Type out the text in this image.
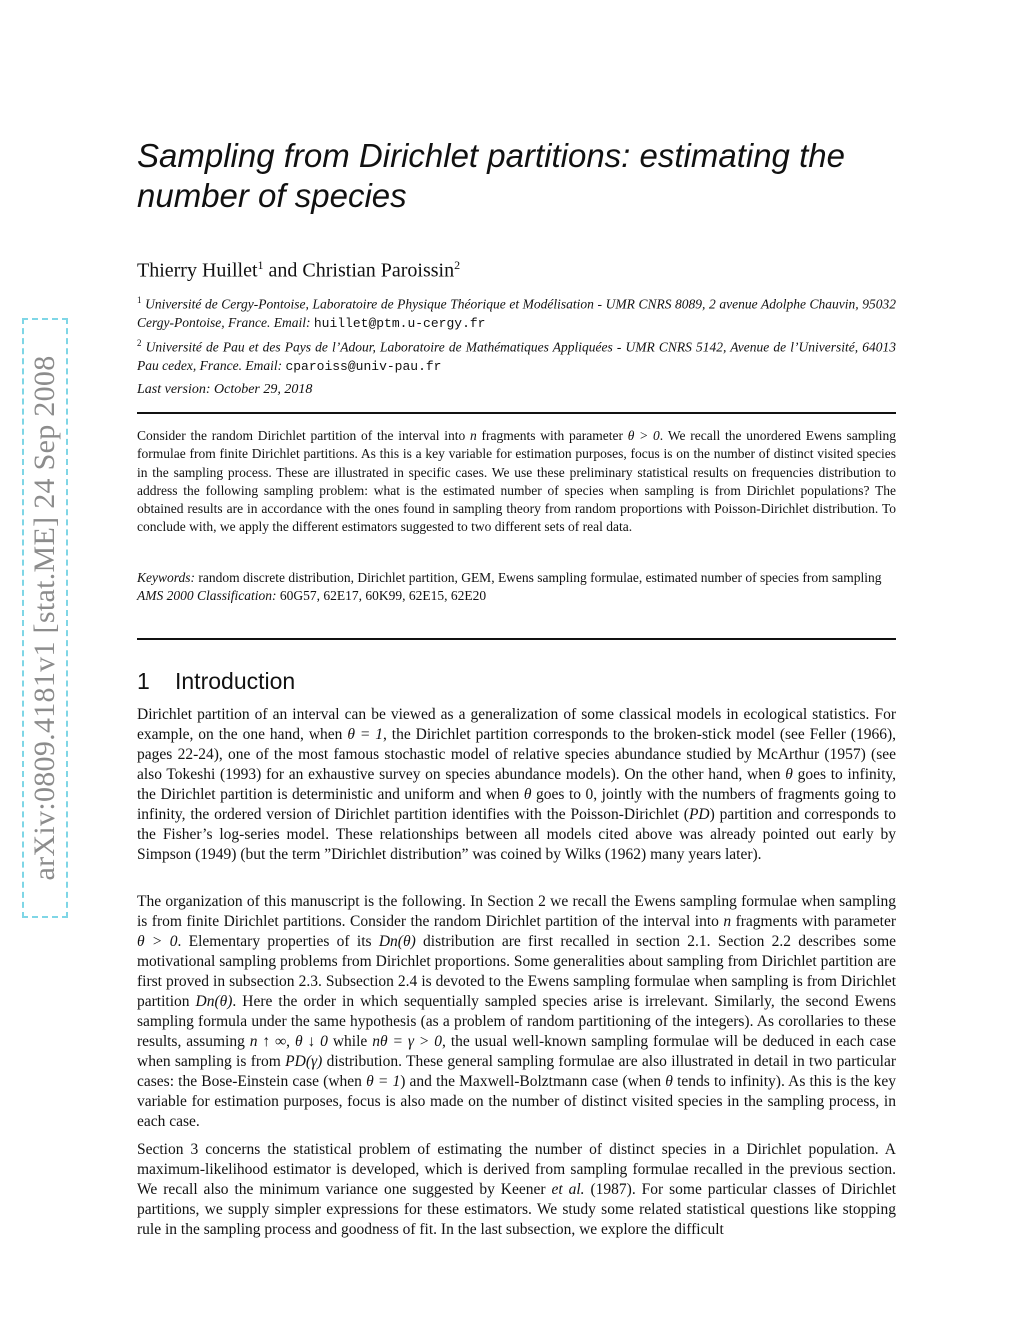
arXiv:0809.4181v1 [stat.ME] 24 Sep 2008
Sampling from Dirichlet partitions: estimating the number of species

Thierry Huillet$^1$ and Christian Paroissin$^2$

$^1$ Université de Cergy-Pontoise, Laboratoire de Physique Théorique et Modélisation - UMR CNRS 8089, 2 avenue Adolphe Chauvin, 95032 Cergy-Pontoise, France. Email: huillet@ptm.u-cergy.fr
$^2$ Université de Pau et des Pays de l’Adour, Laboratoire de Mathématiques Appliquées - UMR CNRS 5142, Avenue de l’Université, 64013 Pau cedex, France. Email: cparoiss@univ-pau.fr

Last version: October 29, 2018

Consider the random Dirichlet partition of the interval into n fragments with parameter θ > 0. We recall the unordered Ewens sampling formulae from finite Dirichlet partitions. As this is a key variable for estimation purposes, focus is on the number of distinct visited species in the sampling process. These are illustrated in specific cases. We use these preliminary statistical results on frequencies distribution to address the following sampling problem: what is the estimated number of species when sampling is from Dirichlet populations? The obtained results are in accordance with the ones found in sampling theory from random proportions with Poisson-Dirichlet distribution. To conclude with, we apply the different estimators suggested to two different sets of real data.

Keywords: random discrete distribution, Dirichlet partition, GEM, Ewens sampling formulae, estimated number of species from sampling
AMS 2000 Classification: 60G57, 62E17, 60K99, 62E15, 62E20

1 Introduction

Dirichlet partition of an interval can be viewed as a generalization of some classical models in ecological statistics. For example, on the one hand, when θ = 1, the Dirichlet partition corresponds to the broken-stick model (see Feller (1966), pages 22-24), one of the most famous stochastic model of relative species abundance studied by McArthur (1957) (see also Tokeshi (1993) for an exhaustive survey on species abundance models). On the other hand, when θ goes to infinity, the Dirichlet partition is deterministic and uniform and when θ goes to 0, jointly with the numbers of fragments going to infinity, the ordered version of Dirichlet partition identifies with the Poisson-Dirichlet (PD) partition and corresponds to the Fisher’s log-series model. These relationships between all models cited above was already pointed out early by Simpson (1949) (but the term ”Dirichlet distribution” was coined by Wilks (1962) many years later).

The organization of this manuscript is the following. In Section 2 we recall the Ewens sampling formulae when sampling is from finite Dirichlet partitions. Consider the random Dirichlet partition of the interval into n fragments with parameter θ > 0. Elementary properties of its Dn(θ) distribution are first recalled in section 2.1. Section 2.2 describes some motivational sampling problems from Dirichlet proportions. Some generalities about sampling from Dirichlet partition are first proved in subsection 2.3. Subsection 2.4 is devoted to the Ewens sampling formulae when sampling is from Dirichlet partition Dn(θ). Here the order in which sequentially sampled species arise is irrelevant. Similarly, the second Ewens sampling formula under the same hypothesis (as a problem of random partitioning of the integers). As corollaries to these results, assuming n ↑ ∞, θ ↓ 0 while nθ = γ > 0, the usual well-known sampling formulae will be deduced in each case when sampling is from PD(γ) distribution. These general sampling formulae are also illustrated in detail in two particular cases: the Bose-Einstein case (when θ = 1) and the Maxwell-Bolztmann case (when θ tends to infinity). As this is the key variable for estimation purposes, focus is also made on the number of distinct visited species in the sampling process, in each case.

Section 3 concerns the statistical problem of estimating the number of distinct species in a Dirichlet population. A maximum-likelihood estimator is developed, which is derived from sampling formulae recalled in the previous section. We recall also the minimum variance one suggested by Keener et al. (1987). For some particular classes of Dirichlet partitions, we supply simpler expressions for these estimators. We study some related statistical questions like stopping rule in the sampling process and goodness of fit. In the last subsection, we explore the difficult
